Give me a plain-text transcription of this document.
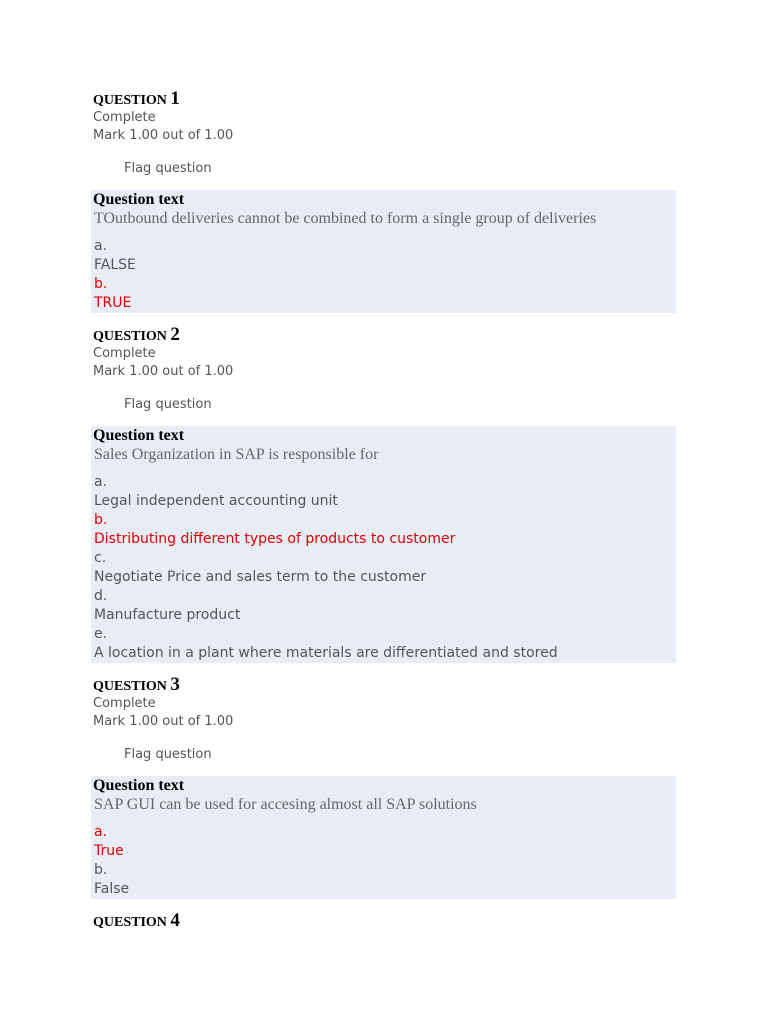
QUESTION 1
Complete
Mark 1.00 out of 1.00
Flag question
Question text
TOutbound deliveries cannot be combined to form a single group of deliveries
a.
FALSE
b.
TRUE
QUESTION 2
Complete
Mark 1.00 out of 1.00
Flag question
Question text
Sales Organization in SAP is responsible for
a.
Legal independent accounting unit
b.
Distributing different types of products to customer
c.
Negotiate Price and sales term to the customer
d.
Manufacture product
e.
A location in a plant where materials are differentiated and stored
QUESTION 3
Complete
Mark 1.00 out of 1.00
Flag question
Question text
SAP GUI can be used for accesing almost all SAP solutions
a.
True
b.
False
QUESTION 4
